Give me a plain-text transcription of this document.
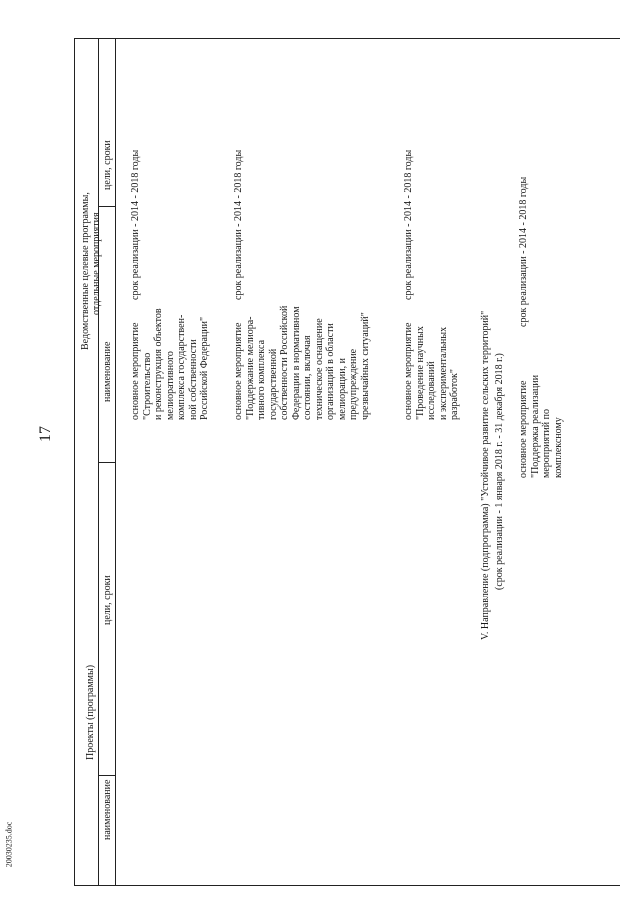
17
20030235.doc
Проекты (программы)
наименование
цели, сроки
Ведомственные целевые программы, отдельные мероприятия
наименование
цели, сроки
основное мероприятие
"Строительство
и реконструкция объектов
мелиоративного
комплекса государствен-
ной собственности
Российской Федерации"
срок реализации - 2014 - 2018 годы
основное мероприятие
"Поддержание мелиора-
тивного комплекса
государственной
собственности Российской
Федерации в нормативном
состоянии, включая
техническое оснащение
организаций в области
мелиорации, и
предупреждение
чрезвычайных ситуаций"
срок реализации - 2014 - 2018 годы
основное мероприятие
"Проведение научных
исследований
и экспериментальных
разработок"
срок реализации - 2014 - 2018 годы
V. Направление (подпрограмма) "Устойчивое развитие сельских территорий" (срок реализации - 1 января 2018 г. - 31 декабря 2018 г.) основное мероприятие
"Поддержка реализации
мероприятий по
комплексному
срок реализации - 2014 - 2018 годы
